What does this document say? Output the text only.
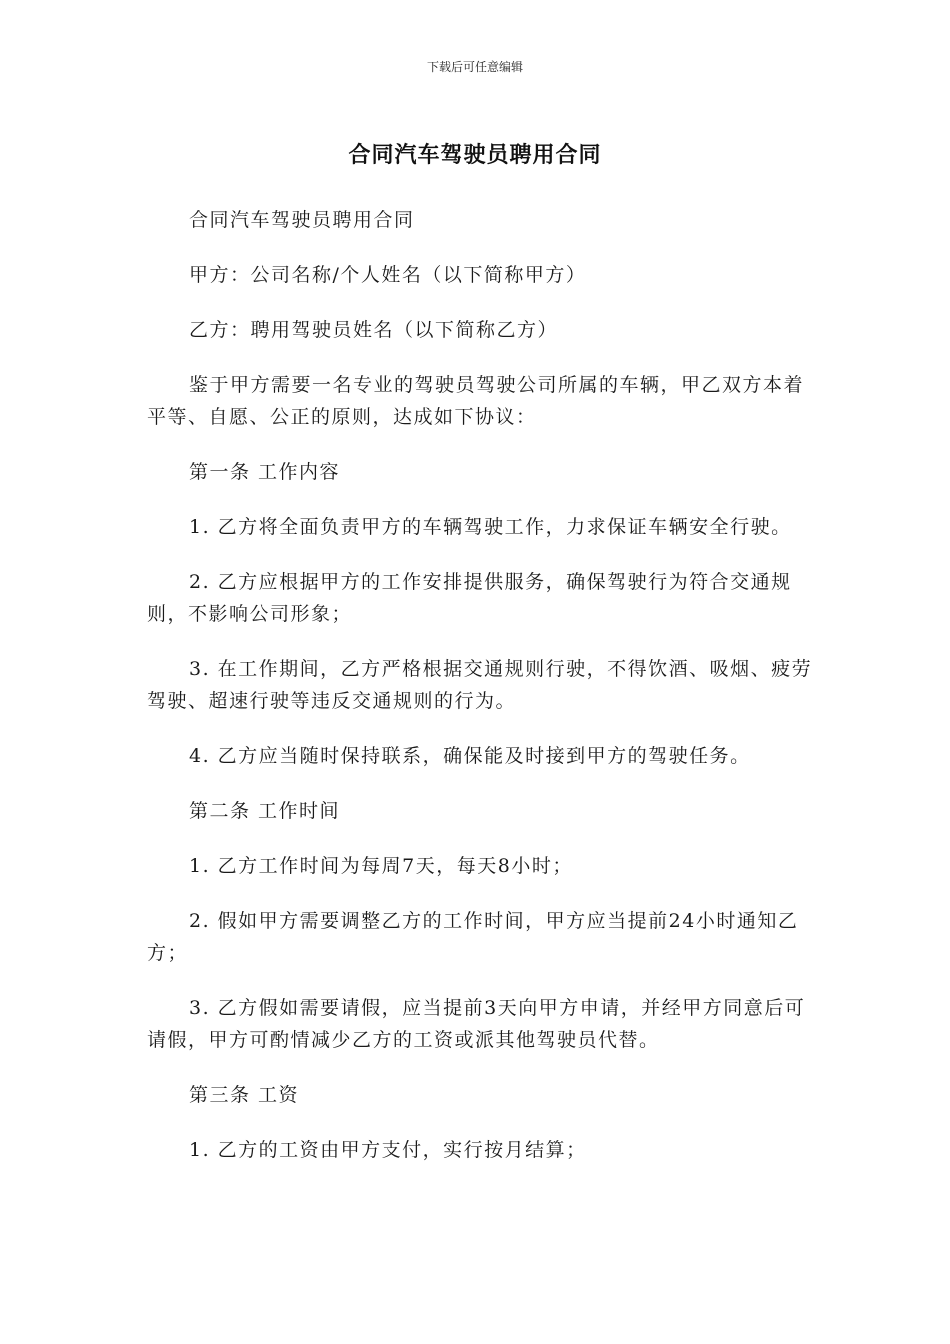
下载后可任意编辑
合同汽车驾驶员聘用合同

合同汽车驾驶员聘用合同

甲方：公司名称/个人姓名（以下简称甲方）

乙方：聘用驾驶员姓名（以下简称乙方）

鉴于甲方需要一名专业的驾驶员驾驶公司所属的车辆，甲乙双方本着平等、自愿、公正的原则，达成如下协议：

第一条 工作内容

1. 乙方将全面负责甲方的车辆驾驶工作，力求保证车辆安全行驶。

2. 乙方应根据甲方的工作安排提供服务，确保驾驶行为符合交通规则，不影响公司形象；

3. 在工作期间，乙方严格根据交通规则行驶，不得饮酒、吸烟、疲劳驾驶、超速行驶等违反交通规则的行为。

4. 乙方应当随时保持联系，确保能及时接到甲方的驾驶任务。

第二条 工作时间

1. 乙方工作时间为每周7天，每天8小时；

2. 假如甲方需要调整乙方的工作时间，甲方应当提前24小时通知乙方；

3. 乙方假如需要请假，应当提前3天向甲方申请，并经甲方同意后可请假，甲方可酌情减少乙方的工资或派其他驾驶员代替。

第三条 工资

1. 乙方的工资由甲方支付，实行按月结算；
